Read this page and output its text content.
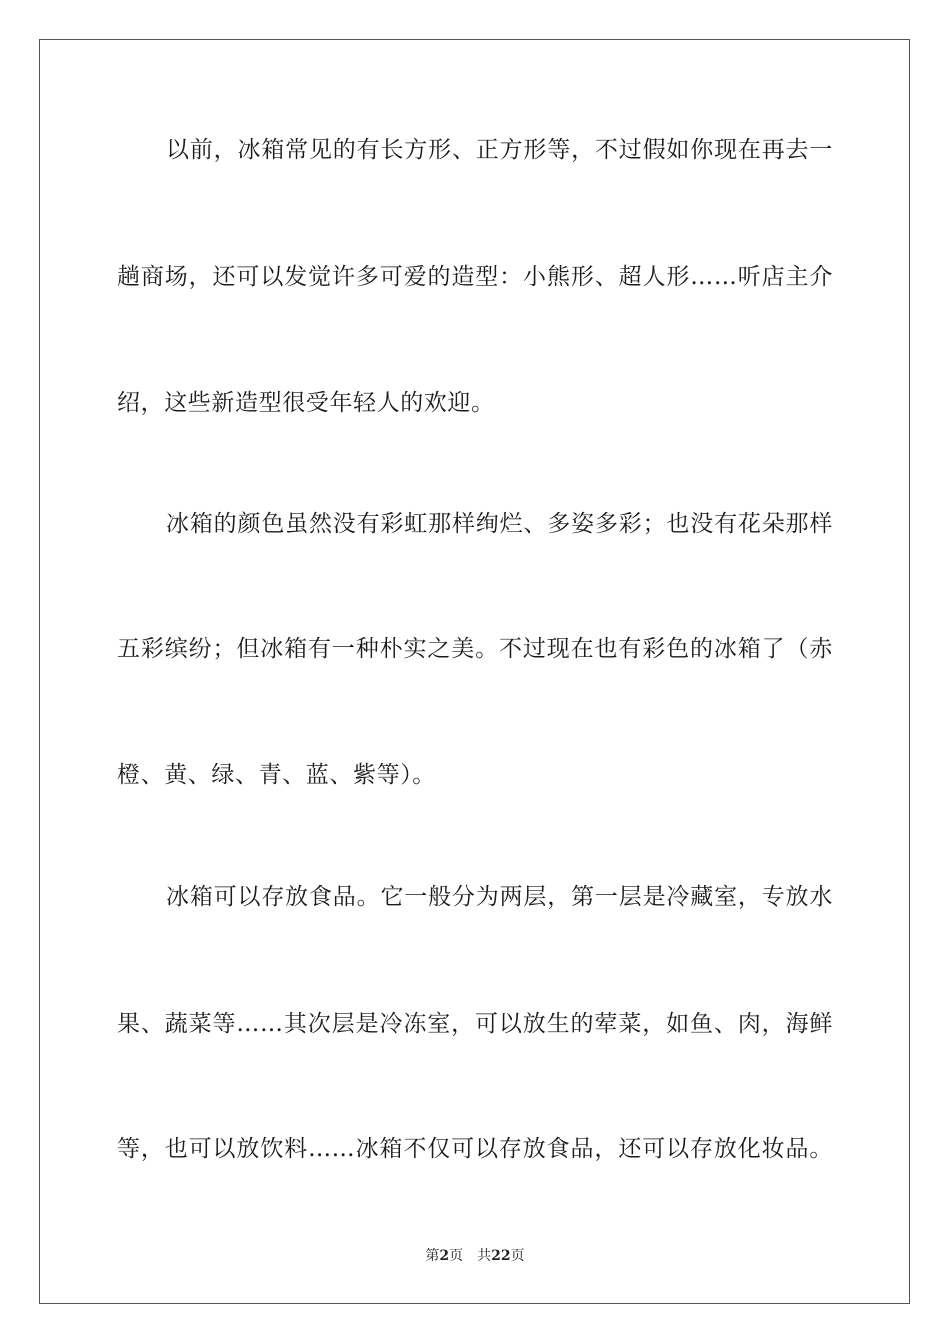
以前，冰箱常见的有长方形、正方形等，不过假如你现在再去一
趟商场，还可以发觉许多可爱的造型：小熊形、超人形……听店主介
绍，这些新造型很受年轻人的欢迎。
冰箱的颜色虽然没有彩虹那样绚烂、多姿多彩；也没有花朵那样
五彩缤纷；但冰箱有一种朴实之美。不过现在也有彩色的冰箱了（赤
橙、黄、绿、青、蓝、紫等）。
冰箱可以存放食品。它一般分为两层，第一层是冷藏室，专放水
果、蔬菜等……其次层是冷冻室，可以放生的荤菜，如鱼、肉，海鲜
等，也可以放饮料……冰箱不仅可以存放食品，还可以存放化妆品。
第2页 共22页
